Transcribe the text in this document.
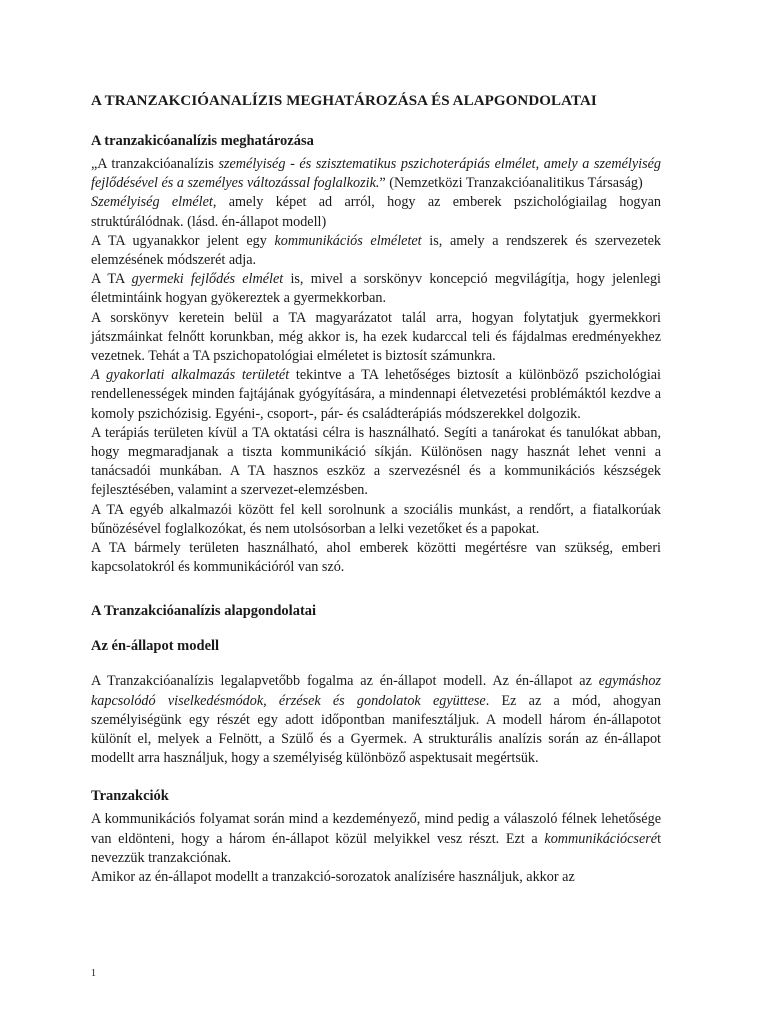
A TRANZAKCIÓANALÍZIS MEGHATÁROZÁSA ÉS ALAPGONDOLATAI
A tranzakicóanalízis meghatározása

„A tranzakcióanalízis személyiség - és szisztematikus pszichoterápiás elmélet, amely a személyiség fejlődésével és a személyes változással foglalkozik.” (Nemzetközi Tranzakcióanalitikus Társaság)

Személyiség elmélet, amely képet ad arról, hogy az emberek pszichológiailag hogyan struktúrálódnak. (lásd. én-állapot modell)

A TA ugyanakkor jelent egy kommunikációs elméletet is, amely a rendszerek és szervezetek elemzésének módszerét adja.

A TA gyermeki fejlődés elmélet is, mivel a sorskönyv koncepció megvilágítja, hogy jelenlegi életmintáink hogyan gyökereztek a gyermekkorban.

A sorskönyv keretein belül a TA magyarázatot talál arra, hogyan folytatjuk gyermekkori játszmáinkat felnőtt korunkban, még akkor is, ha ezek kudarccal teli és fájdalmas eredményekhez vezetnek. Tehát a TA pszichopatológiai elméletet is biztosít számunkra.

A gyakorlati alkalmazás területét tekintve a TA lehetőséges biztosít a különböző pszichológiai rendellenességek minden fajtájának gyógyítására, a mindennapi életvezetési problémáktól kezdve a komoly pszichózisig. Egyéni-, csoport-, pár- és családterápiás módszerekkel dolgozik.

A terápiás területen kívül a TA oktatási célra is használható. Segíti a tanárokat és tanulókat abban, hogy megmaradjanak a tiszta kommunikáció síkján. Különösen nagy hasznát lehet venni a tanácsadói munkában. A TA hasznos eszköz a szervezésnél és a kommunikációs készségek fejlesztésében, valamint a szervezet-elemzésben.

A TA egyéb alkalmazói között fel kell sorolnunk a szociális munkást, a rendőrt, a fiatalkorúak bűnözésével foglalkozókat, és nem utolsósorban a lelki vezetőket és a papokat.

A TA bármely területen használható, ahol emberek közötti megértésre van szükség, emberi kapcsolatokról és kommunikációról van szó.

A Tranzakcióanalízis alapgondolatai
Az én-állapot modell

A Tranzakcióanalízis legalapvetőbb fogalma az én-állapot modell. Az én-állapot az egymáshoz kapcsolódó viselkedésmódok, érzések és gondolatok együttese. Ez az a mód, ahogyan személyiségünk egy részét egy adott időpontban manifesztáljuk. A modell három én-állapotot különít el, melyek a Felnött, a Szülő és a Gyermek. A strukturális analízis során az én-állapot modellt arra használjuk, hogy a személyiség különböző aspektusait megértsük.

Tranzakciók

A kommunikációs folyamat során mind a kezdeményező, mind pedig a válaszoló félnek lehetősége van eldönteni, hogy a három én-állapot közül melyikkel vesz részt. Ezt a kommunikációcserét nevezzük tranzakciónak.

Amikor az én-állapot modellt a tranzakció-sorozatok analízisére használjuk, akkor az

1
